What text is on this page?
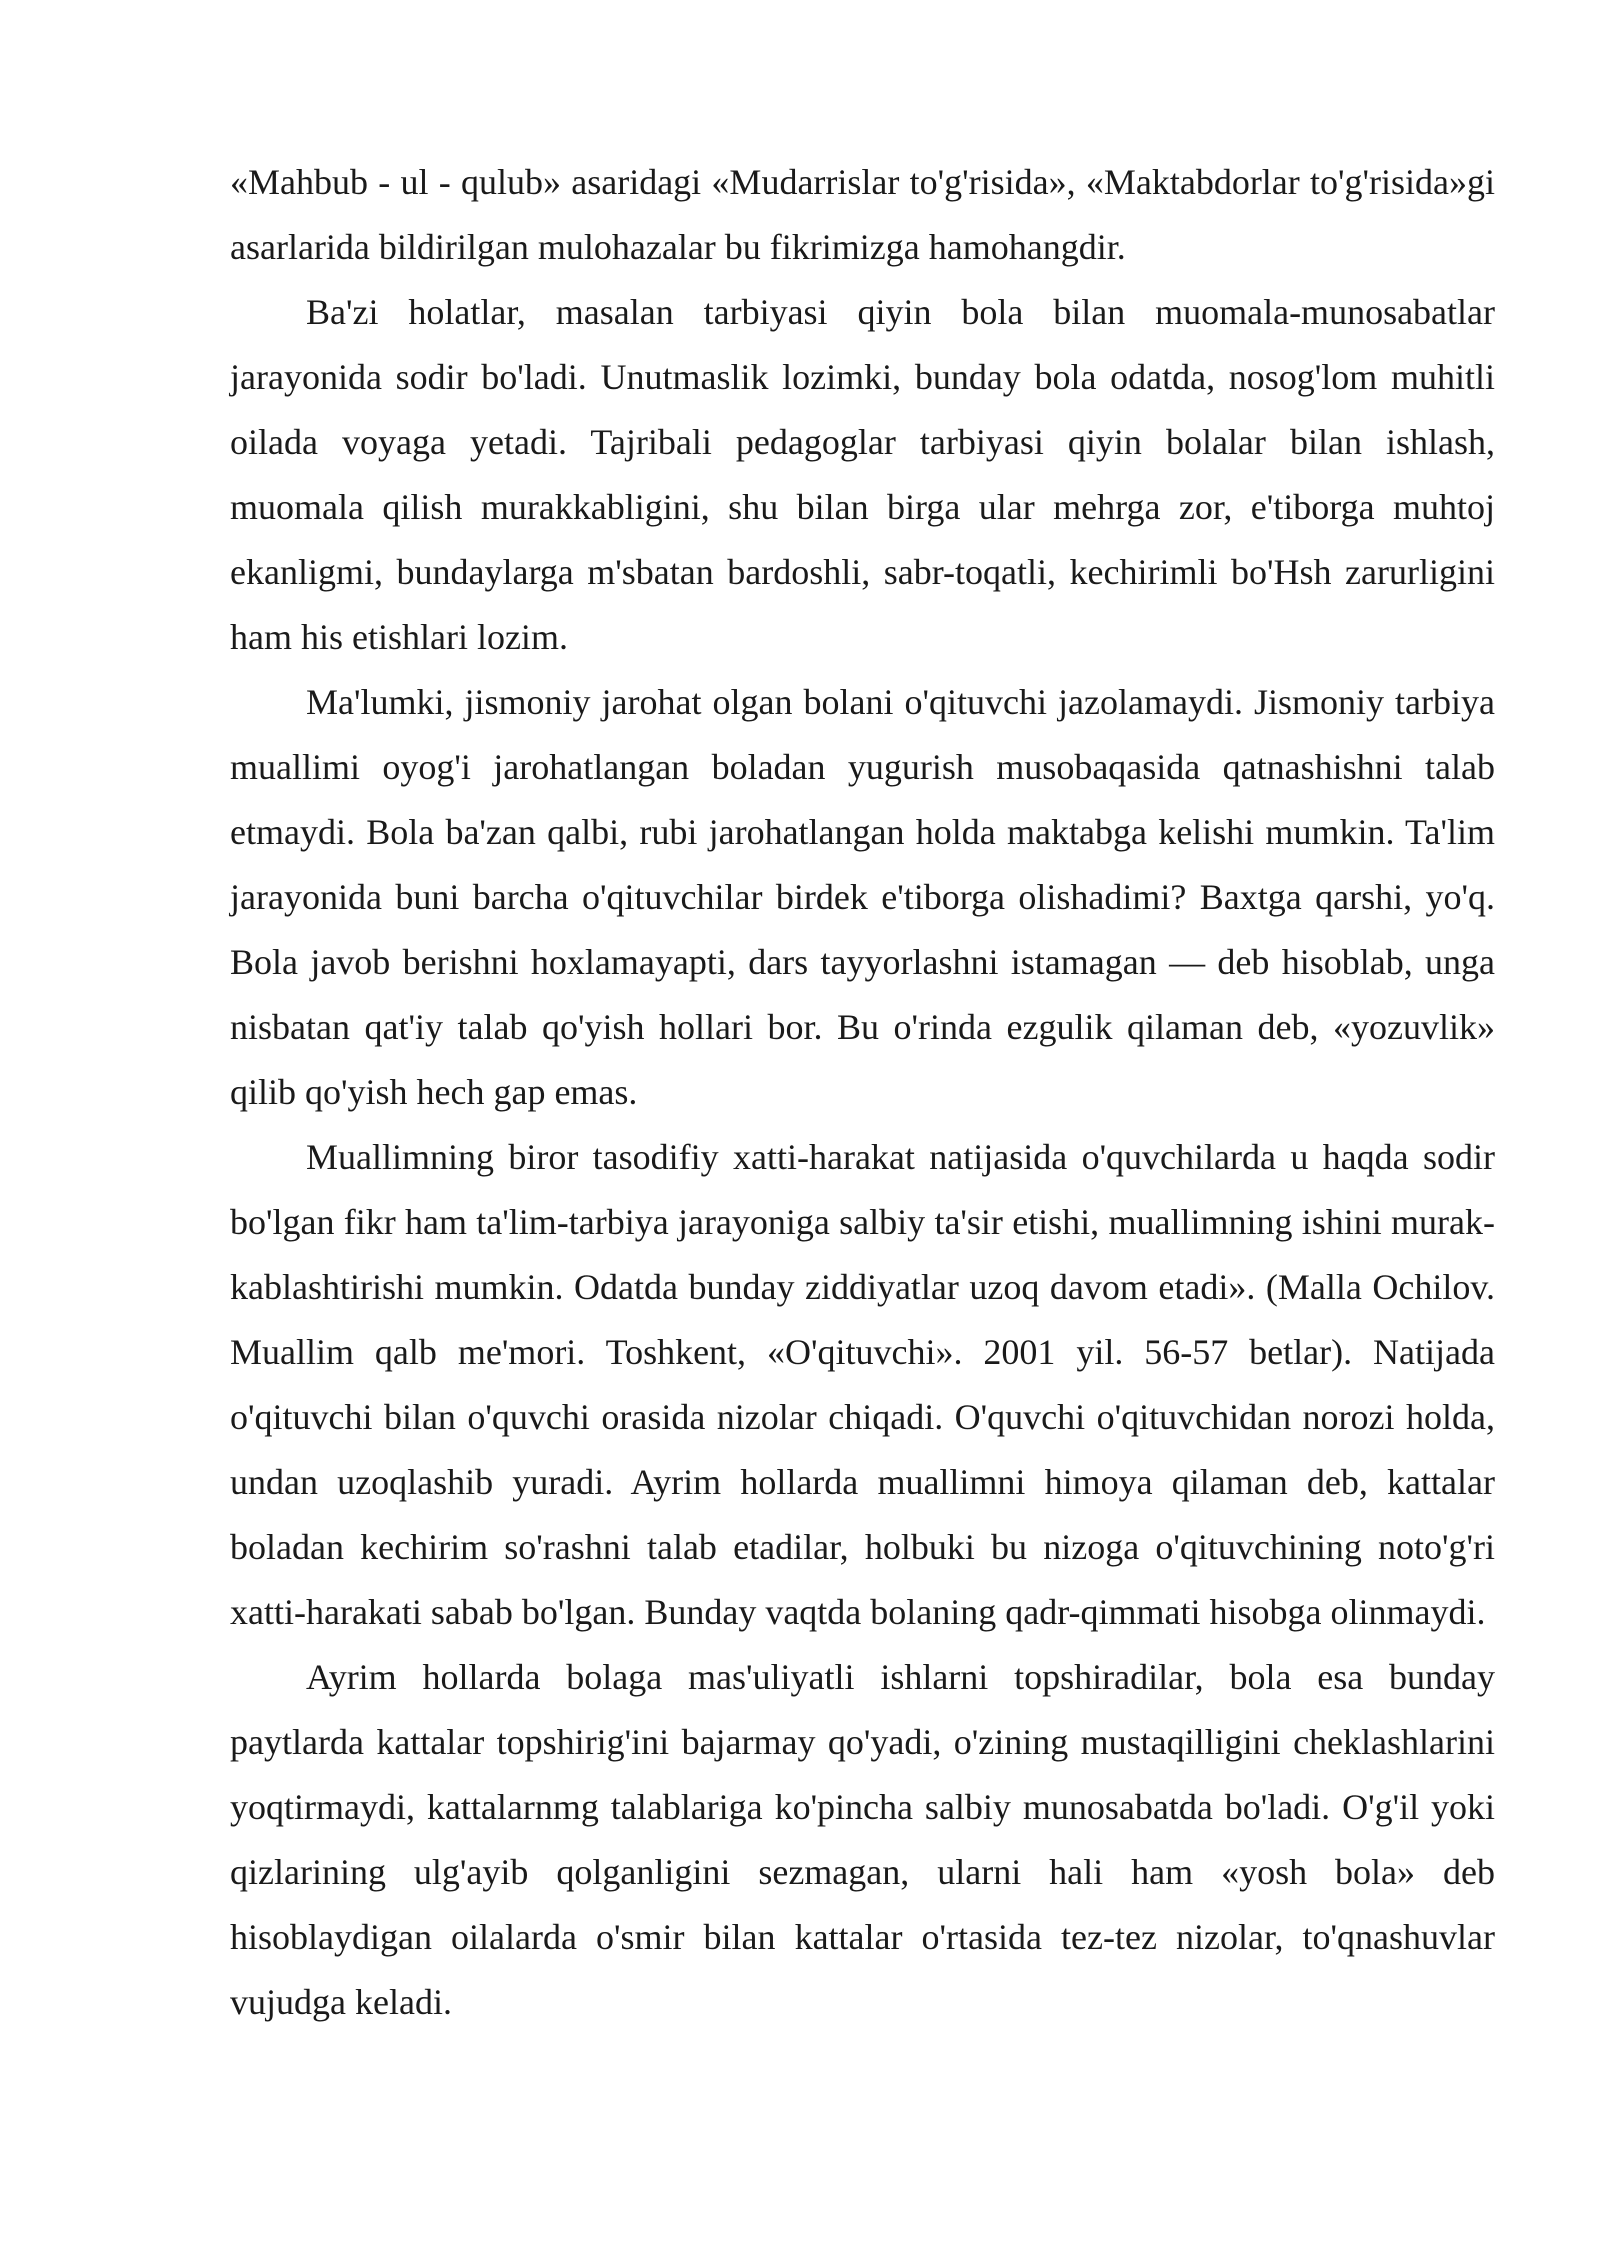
«Mahbub - ul - qulub» asaridagi «Mudarrislar to'g'risida», «Maktabdorlar to'g'risida»gi asarlarida bildirilgan mulohazalar bu fikrimizga hamohangdir.

Ba'zi holatlar, masalan tarbiyasi qiyin bola bilan muomala-munosabatlar jarayonida sodir bo'ladi. Unutmaslik lozimki, bunday bola odatda, nosog'lom muhitli oilada voyaga yetadi. Tajribali pedagoglar tarbiyasi qiyin bolalar bilan ishlash, muomala qilish murakkabligini, shu bilan birga ular mehrga zor, e'tiborga muhtoj ekanligmi, bundaylarga m'sbatan bardoshli, sabr-toqatli, kechirimli bo'Hsh zarurligini ham his etishlari lozim.

Ma'lumki, jismoniy jarohat olgan bolani o'qituvchi jazolamaydi. Jismoniy tarbiya muallimi oyog'i jarohatlangan boladan yugurish musobaqasida qatnashishni talab etmaydi. Bola ba'zan qalbi, rubi jarohatlangan holda maktabga kelishi mumkin. Ta'lim jarayonida buni barcha o'qituvchilar birdek e'tiborga olishadimi? Baxtga qarshi, yo'q. Bola javob berishni hoxlamayapti, dars tayyorlashni istamagan — deb hisoblab, unga nisbatan qat'iy talab qo'yish hollari bor. Bu o'rinda ezgulik qilaman deb, «yozuvlik» qilib qo'yish hech gap emas.

Muallimning biror tasodifiy xatti-harakat natijasida o'quvchilarda u haqda sodir bo'lgan fikr ham ta'lim-tarbiya jarayoniga salbiy ta'sir etishi, muallimning ishini murak-kablashtirishi mumkin. Odatda bunday ziddiyatlar uzoq davom etadi». (Malla Ochilov. Muallim qalb me'mori. Toshkent, «O'qituvchi». 2001 yil. 56-57 betlar). Natijada o'qituvchi bilan o'quvchi orasida nizolar chiqadi. O'quvchi o'qituvchidan norozi holda, undan uzoqlashib yuradi. Ayrim hollarda muallimni himoya qilaman deb, kattalar boladan kechirim so'rashni talab etadilar, holbuki bu nizoga o'qituvchining noto'g'ri xatti-harakati sabab bo'lgan. Bunday vaqtda bolaning qadr-qimmati hisobga olinmaydi.

Ayrim hollarda bolaga mas'uliyatli ishlarni topshiradilar, bola esa bunday paytlarda kattalar topshirig'ini bajarmay qo'yadi, o'zining mustaqilligini cheklashlarini yoqtirmaydi, kattalarnmg talablariga ko'pincha salbiy munosabatda bo'ladi. O'g'il yoki qizlarining ulg'ayib qolganligini sezmagan, ularni hali ham «yosh bola» deb hisoblaydigan oilalarda o'smir bilan kattalar o'rtasida tez-tez nizolar, to'qnashuvlar vujudga keladi.
